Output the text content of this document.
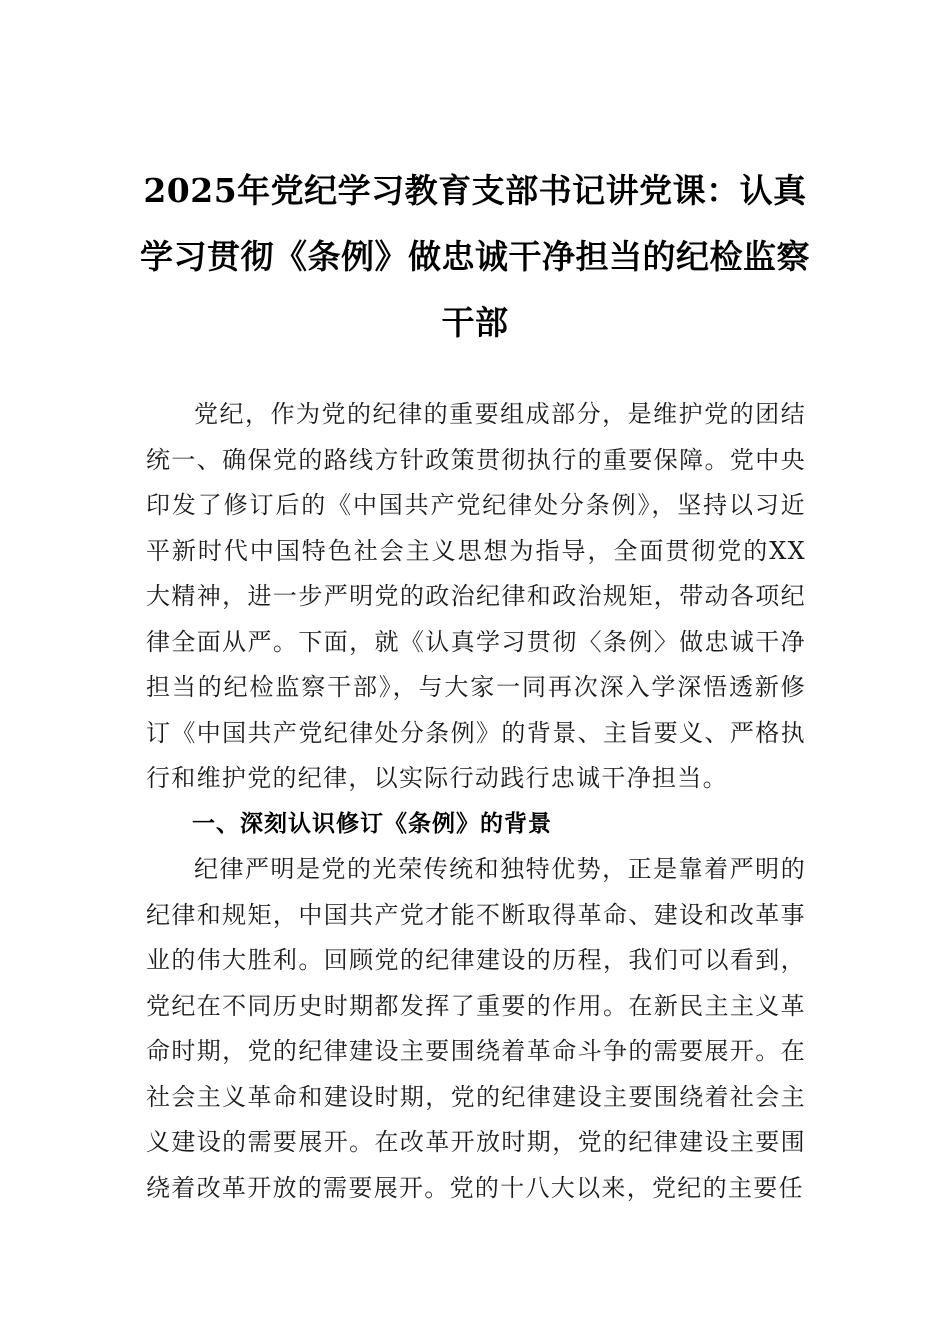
2025年党纪学习教育支部书记讲党课：认真学习贯彻《条例》做忠诚干净担当的纪检监察干部

党纪，作为党的纪律的重要组成部分，是维护党的团结统一、确保党的路线方针政策贯彻执行的重要保障。党中央印发了修订后的《中国共产党纪律处分条例》，坚持以习近平新时代中国特色社会主义思想为指导，全面贯彻党的XX大精神，进一步严明党的政治纪律和政治规矩，带动各项纪律全面从严。下面，就《认真学习贯彻〈条例〉做忠诚干净担当的纪检监察干部》，与大家一同再次深入学深悟透新修订《中国共产党纪律处分条例》的背景、主旨要义、严格执行和维护党的纪律，以实际行动践行忠诚干净担当。

一、深刻认识修订《条例》的背景

纪律严明是党的光荣传统和独特优势，正是靠着严明的纪律和规矩，中国共产党才能不断取得革命、建设和改革事业的伟大胜利。回顾党的纪律建设的历程，我们可以看到，党纪在不同历史时期都发挥了重要的作用。在新民主主义革命时期，党的纪律建设主要围绕着革命斗争的需要展开。在社会主义革命和建设时期，党的纪律建设主要围绕着社会主义建设的需要展开。在改革开放时期，党的纪律建设主要围绕着改革开放的需要展开。党的十八大以来，党纪的主要任
